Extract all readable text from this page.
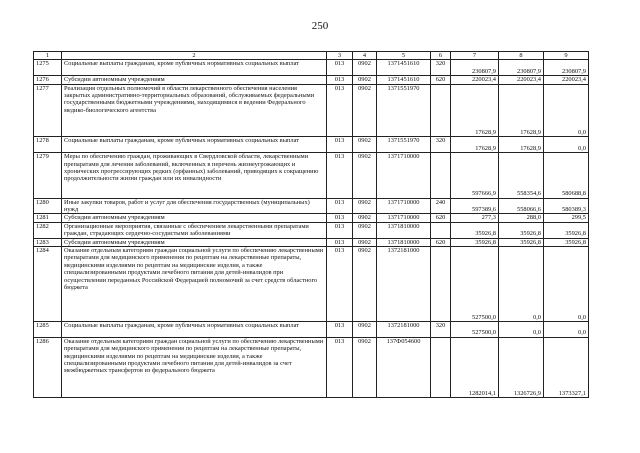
250
1	2	3	4	5	6	7	8	9
1275	Социальные выплаты гражданам, кроме публичных нормативных социальных выплат	013	0902	1371451610	320	230807,9	230807,9	230807,9
1276	Субсидии автономным учреждениям	013	0902	1371451610	620	220023,4	220023,4	220023,4
1277	Реализация отдельных полномочий в области лекарственного обеспечения населения закрытых административно-территориальных образований, обслуживаемых федеральными государственными бюджетными учреждениями, находящимися в ведении Федерального медико-биологического агентства	013	0902	1371551970		17628,9	17628,9	0,0
1278	Социальные выплаты гражданам, кроме публичных нормативных социальных выплат	013	0902	1371551970	320	17628,9	17628,9	0,0
1279	Меры по обеспечению граждан, проживающих в Свердловской области, лекарственными препаратами для лечения заболеваний, включенных в перечень жизнеугрожающих и хронических прогрессирующих редких (орфанных) заболеваний, приводящих к сокращению продолжительности жизни граждан или их инвалидности	013	0902	1371710000		597666,9	558354,6	580688,8
1280	Иные закупки товаров, работ и услуг для обеспечения государственных (муниципальных) нужд	013	0902	1371710000	240	597389,6	558066,6	580389,3
1281	Субсидии автономным учреждениям	013	0902	1371710000	620	277,3	288,0	299,5
1282	Организационные мероприятия, связанные с обеспечением лекарственными препаратами граждан, страдающих сердечно-сосудистыми заболеваниями	013	0902	1371810000		35926,8	35926,8	35926,8
1283	Субсидии автономным учреждениям	013	0902	1371810000	620	35926,8	35926,8	35926,8
1284	Оказание отдельным категориям граждан социальной услуги по обеспечению лекарственными препаратами для медицинского применения по рецептам на лекарственные препараты, медицинскими изделиями по рецептам на медицинские изделия, а также специализированными продуктами лечебного питания для детей-инвалидов при осуществлении переданных Российской Федерацией полномочий за счет средств областного бюджета	013	0902	1372181000		527500,0	0,0	0,0
1285	Социальные выплаты гражданам, кроме публичных нормативных социальных выплат	013	0902	1372181000	320	527500,0	0,0	0,0
1286	Оказание отдельным категориям граждан социальной услуги по обеспечению лекарственными препаратами для медицинского применения по рецептам на лекарственные препараты, медицинскими изделиями по рецептам на медицинские изделия, а также специализированными продуктами лечебного питания для детей-инвалидов за счет межбюджетных трансфертов из федерального бюджета	013	0902	137Ф054600		1282014,1	1326726,9	1373327,1
